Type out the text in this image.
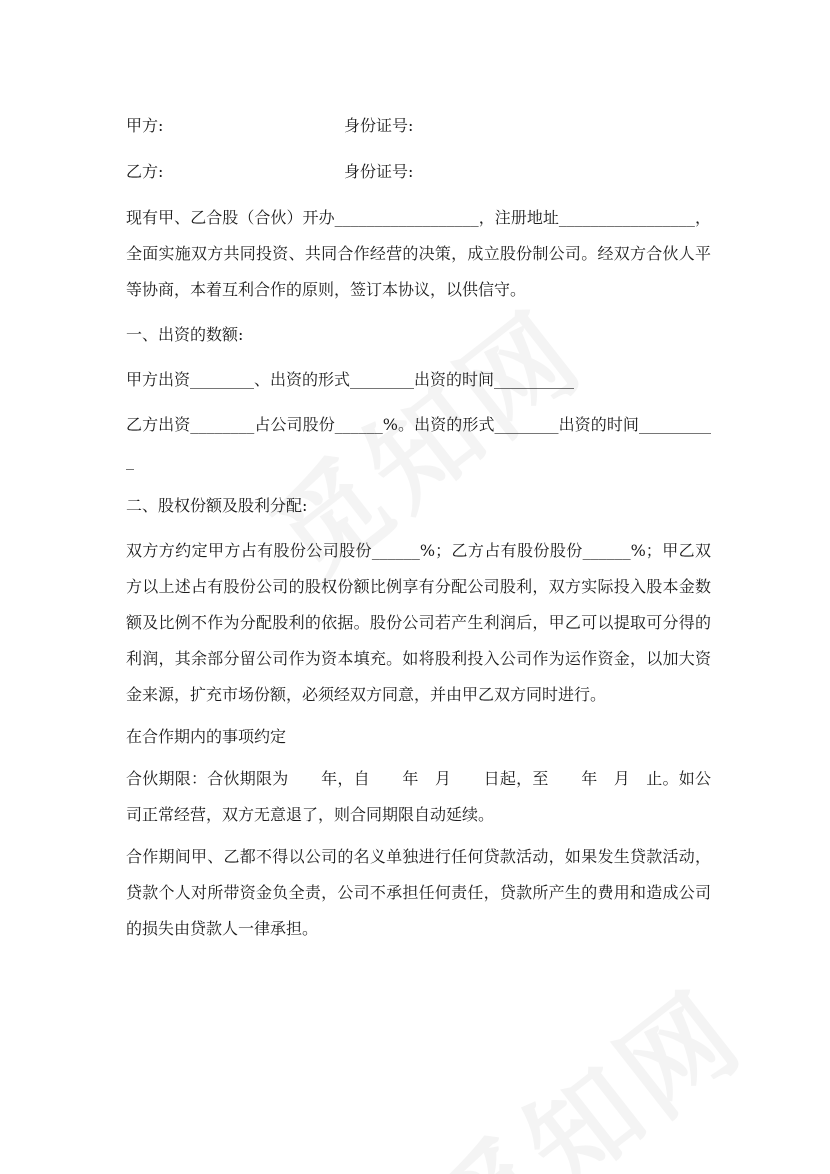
甲方:	身份证号:
乙方:	身份证号:

现有甲、乙合股（合伙）开办__________________，注册地址_________________，全面实施双方共同投资、共同合作经营的决策，成立股份制公司。经双方合伙人平等协商，本着互利合作的原则，签订本协议，以供信守。

一、出资的数额:

甲方出资________、出资的形式________出资的时间__________

乙方出资________占公司股份______%。出资的形式________出资的时间__________

二、股权份额及股利分配:

双方方约定甲方占有股份公司股份______%；乙方占有股份股份______%；甲乙双方以上述占有股份公司的股权份额比例享有分配公司股利，双方实际投入股本金数额及比例不作为分配股利的依据。股份公司若产生利润后，甲乙可以提取可分得的利润，其余部分留公司作为资本填充。如将股利投入公司作为运作资金，以加大资金来源，扩充市场份额，必须经双方同意，并由甲乙双方同时进行。

在合作期内的事项约定

合伙期限：合伙期限为　　年，自　　年　月　　日起，至　　年　月　止。如公司正常经营，双方无意退了，则合同期限自动延续。

合作期间甲、乙都不得以公司的名义单独进行任何贷款活动，如果发生贷款活动，贷款个人对所带资金负全责，公司不承担任何责任，贷款所产生的费用和造成公司的损失由贷款人一律承担。
